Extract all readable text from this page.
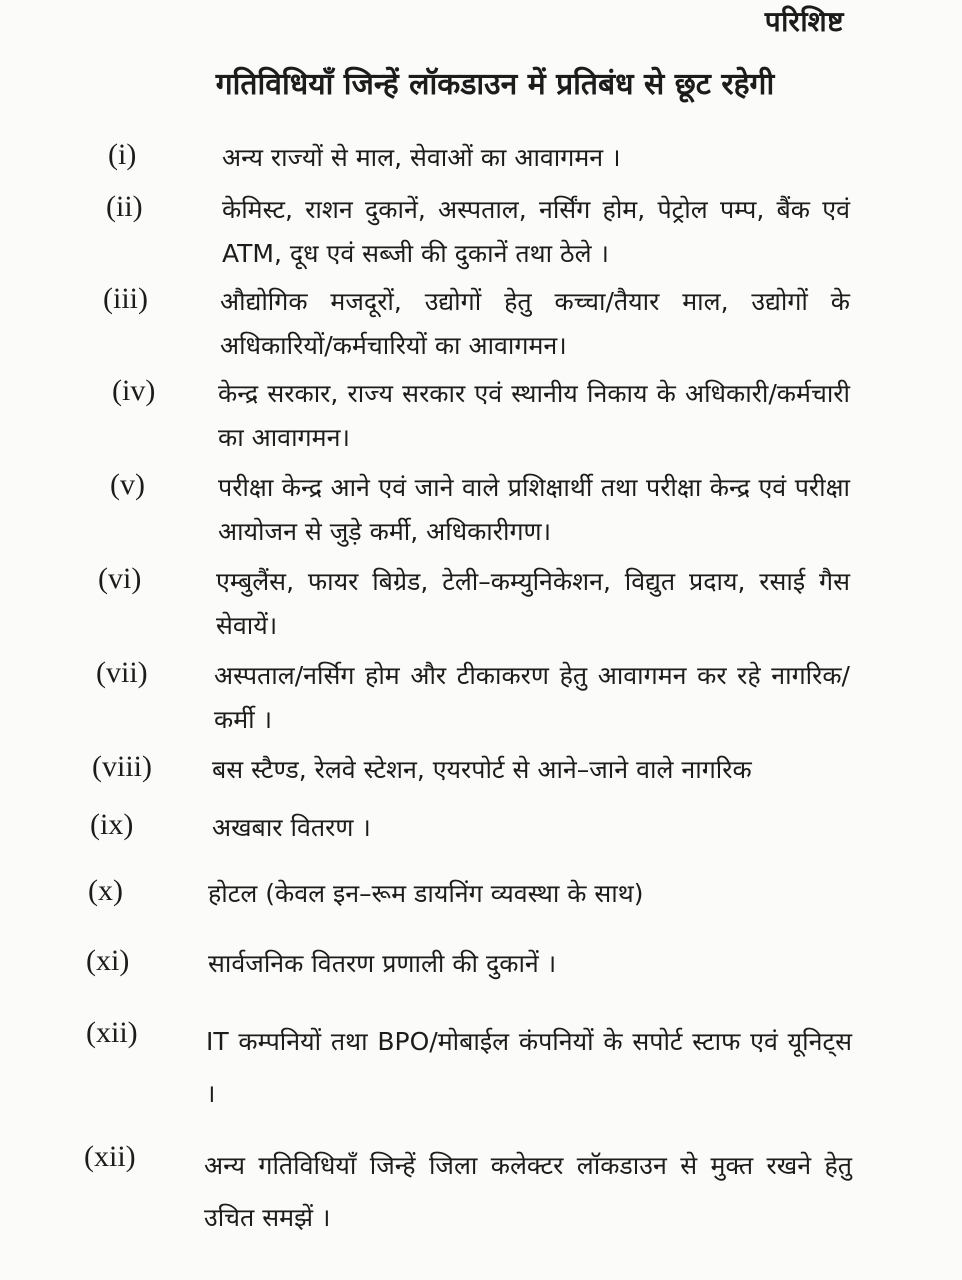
परिशिष्ट
गतिविधियॉं जिन्हें लॉकडाउन में प्रतिबंध से छूट रहेगी
(i)	अन्य राज्यों से माल, सेवाओं का आवागमन ।
(ii)	केमिस्ट, राशन दुकानें, अस्पताल, नर्सिंग होम, पेट्रोल पम्प, बैंक एवं ATM, दूध एवं सब्जी की दुकानें तथा ठेले ।
(iii)	औद्योगिक मजदूरों, उद्योगों हेतु कच्चा/तैयार माल, उद्योगों के अधिकारियों/कर्मचारियों का आवागमन।
(iv)	केन्द्र सरकार, राज्य सरकार एवं स्थानीय निकाय के अधिकारी/कर्मचारी का आवागमन।
(v)	परीक्षा केन्द्र आने एवं जाने वाले प्रशिक्षार्थी तथा परीक्षा केन्द्र एवं परीक्षा आयोजन से जुड़े कर्मी, अधिकारीगण।
(vi)	एम्बुलैंस, फायर बिग्रेड, टेली–कम्युनिकेशन, विद्युत प्रदाय, रसाई गैस सेवायें।
(vii)	अस्पताल/नर्सिग होम और टीकाकरण हेतु आवागमन कर रहे नागरिक/कर्मी ।
(viii) बस स्टैण्ड, रेलवे स्टेशन, एयरपोर्ट से आने–जाने वाले नागरिक
(ix)	अखबार वितरण ।
(x)	होटल (केवल इन–रूम डायनिंग व्यवस्था के साथ)
(xi)	सार्वजनिक वितरण प्रणाली की दुकानें ।
(xii)	IT कम्पनियों तथा BPO/मोबाईल कंपनियों के सपोर्ट स्टाफ एवं यूनिट्स ।
(xii)	अन्य गतिविधियॉं जिन्हें जिला कलेक्टर लॉकडाउन से मुक्त रखने हेतु उचित समझें ।
